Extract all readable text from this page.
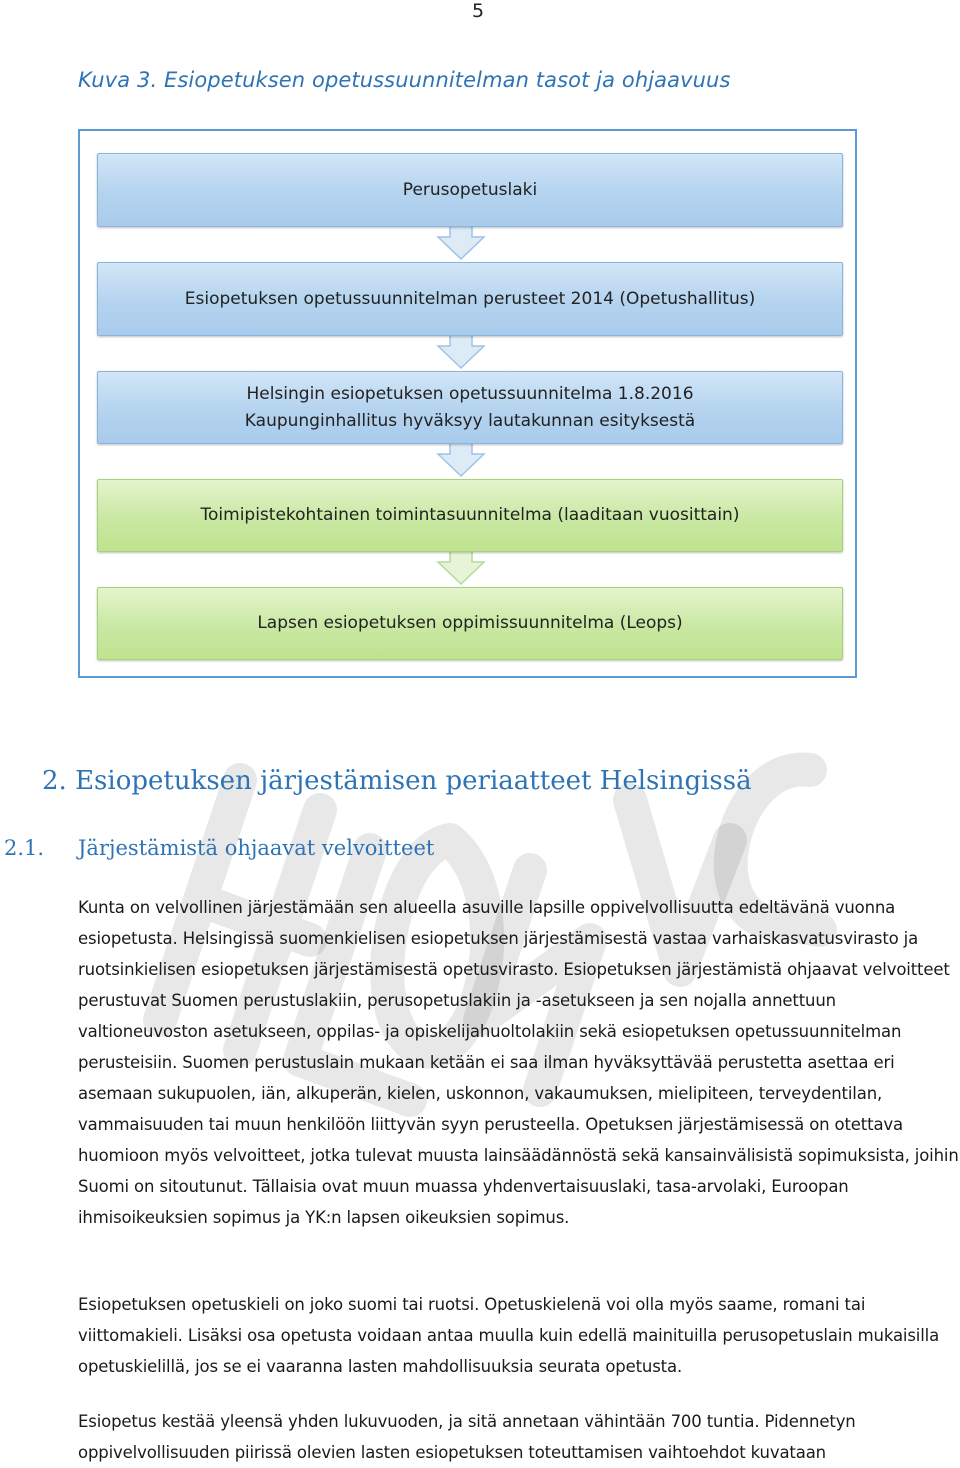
5
Kuva 3. Esiopetuksen opetussuunnitelman tasot ja ohjaavuus
Perusopetuslaki
Esiopetuksen opetussuunnitelman perusteet 2014 (Opetushallitus)
Helsingin esiopetuksen opetussuunnitelma 1.8.2016
Kaupunginhallitus hyväksyy lautakunnan esityksestä
Toimipistekohtainen toimintasuunnitelma (laaditaan vuosittain)
Lapsen esiopetuksen oppimissuunnitelma (Leops)
2. Esiopetuksen järjestämisen periaatteet Helsingissä
2.1. Järjestämistä ohjaavat velvoitteet

Kunta on velvollinen järjestämään sen alueella asuville lapsille oppivelvollisuutta edeltävänä vuonna esiopetusta. Helsingissä suomenkielisen esiopetuksen järjestämisestä vastaa varhaiskasvatusvirasto ja ruotsinkielisen esiopetuksen järjestämisestä opetusvirasto. Esiopetuksen järjestämistä ohjaavat velvoitteet perustuvat Suomen perustuslakiin, perusopetuslakiin ja -asetukseen ja sen nojalla annettuun valtioneuvoston asetukseen, oppilas- ja opiskelijahuoltolakiin sekä esiopetuksen opetussuunnitelman perusteisiin. Suomen perustuslain mukaan ketään ei saa ilman hyväksyttävää perustetta asettaa eri asemaan sukupuolen, iän, alkuperän, kielen, uskonnon, vakaumuksen, mielipiteen, terveydentilan, vammaisuuden tai muun henkilöön liittyvän syyn perusteella. Opetuksen järjestämisessä on otettava huomioon myös velvoitteet, jotka tulevat muusta lainsäädännöstä sekä kansainvälisistä sopimuksista, joihin Suomi on sitoutunut. Tällaisia ovat muun muassa yhdenvertaisuuslaki, tasa-arvolaki, Euroopan ihmisoikeuksien sopimus ja YK:n lapsen oikeuksien sopimus.

Esiopetuksen opetuskieli on joko suomi tai ruotsi. Opetuskielenä voi olla myös saame, romani tai viittomakieli. Lisäksi osa opetusta voidaan antaa muulla kuin edellä mainituilla perusopetuslain mukaisilla opetuskielillä, jos se ei vaaranna lasten mahdollisuuksia seurata opetusta.

Esiopetus kestää yleensä yhden lukuvuoden, ja sitä annetaan vähintään 700 tuntia. Pidennetyn oppivelvollisuuden piirissä olevien lasten esiopetuksen toteuttamisen vaihtoehdot kuvataan
